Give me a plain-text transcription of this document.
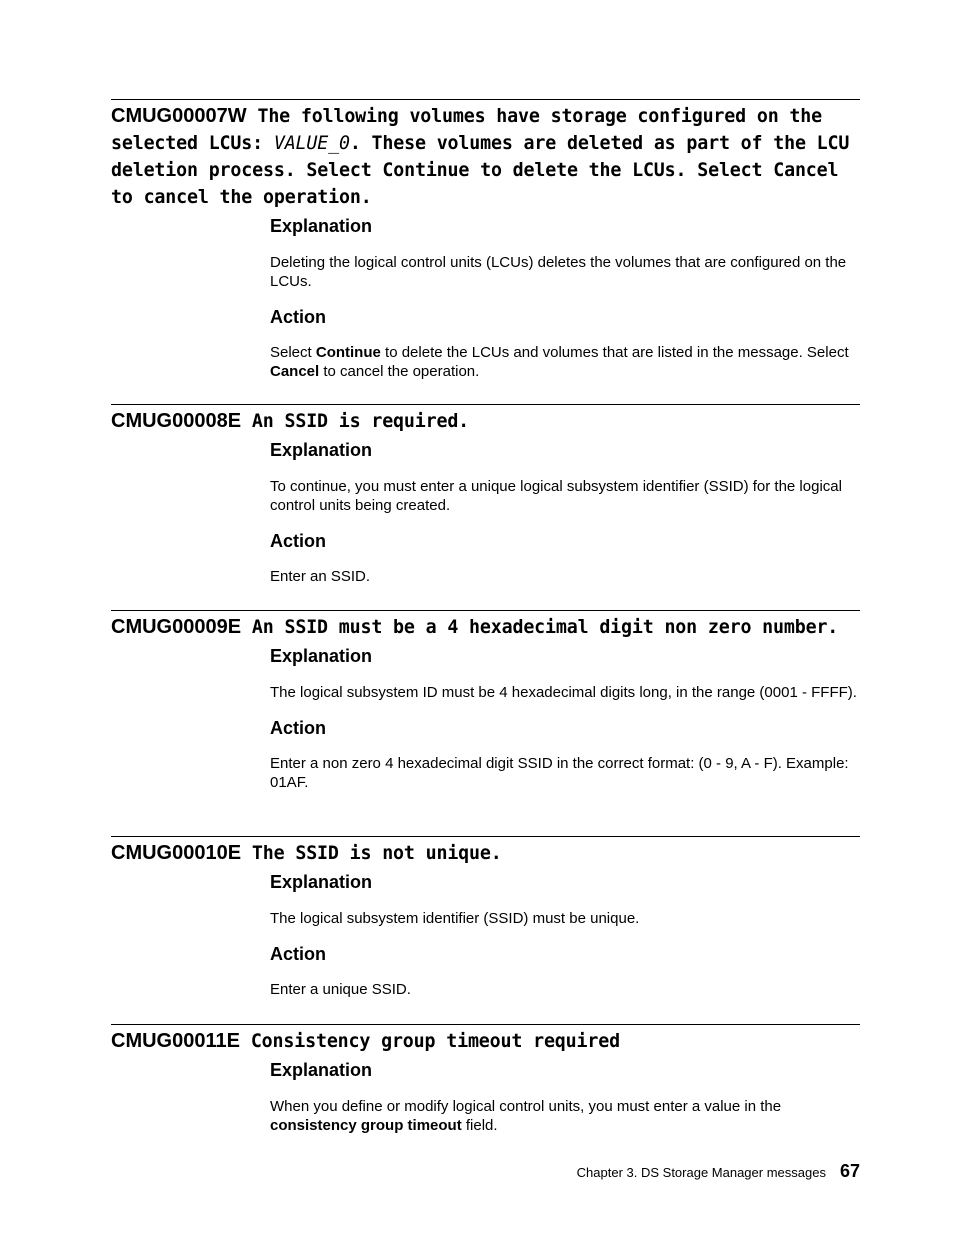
CMUG00007W The following volumes have storage configured on the selected LCUs: VALUE_0. These volumes are deleted as part of the LCU deletion process. Select Continue to delete the LCUs. Select Cancel to cancel the operation.

Explanation

Deleting the logical control units (LCUs) deletes the volumes that are configured on the LCUs.

Action

Select Continue to delete the LCUs and volumes that are listed in the message. Select Cancel to cancel the operation.

CMUG00008E An SSID is required.

Explanation

To continue, you must enter a unique logical subsystem identifier (SSID) for the logical control units being created.

Action

Enter an SSID.

CMUG00009E An SSID must be a 4 hexadecimal digit non zero number.

Explanation

The logical subsystem ID must be 4 hexadecimal digits long, in the range (0001 - FFFF).

Action

Enter a non zero 4 hexadecimal digit SSID in the correct format: (0 - 9, A - F). Example: 01AF.

CMUG00010E The SSID is not unique.

Explanation

The logical subsystem identifier (SSID) must be unique.

Action

Enter a unique SSID.

CMUG00011E Consistency group timeout required

Explanation

When you define or modify logical control units, you must enter a value in the consistency group timeout field.

Chapter 3. DS Storage Manager messages 67
